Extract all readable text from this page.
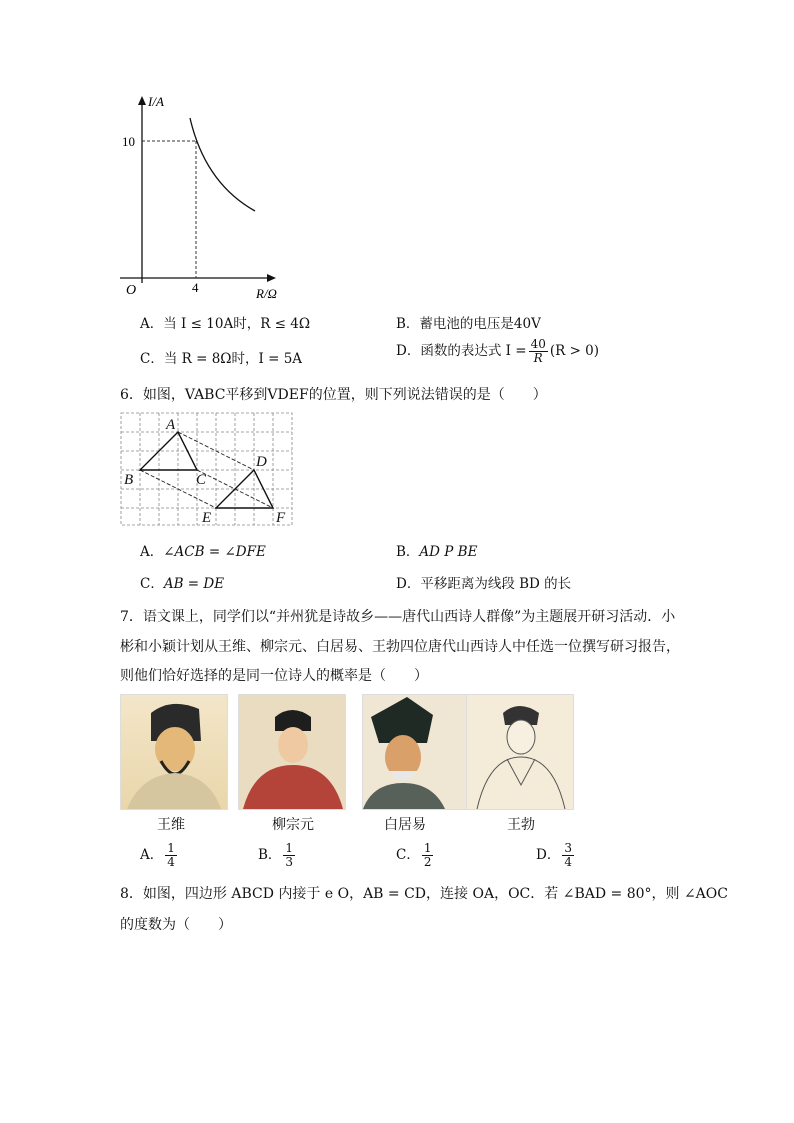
I/A
R/Ω
O
10
4
A．当 I ≤ 10A时，R ≤ 4Ω	B．蓄电池的电压是40V
C．当 R = 8Ω时，I = 5A	D．函数的表达式 $I = \frac{40}{R} (R > 0)$
6．如图，VABC平移到VDEF的位置，则下列说法错误的是（　　）
A
B	C
D
E	F
A．∠ACB = ∠DFE	B．AD P BE
C．AB = DE	D．平移距离为线段 BD 的长
7．语文课上，同学们以“并州犹是诗故乡——唐代山西诗人群像”为主题展开研习活动．小
彬和小颖计划从王维、柳宗元、白居易、王勃四位唐代山西诗人中任选一位撰写研习报告，
则他们恰好选择的是同一位诗人的概率是（　　）
王维	柳宗元	白居易	王勃
A． $\frac{1}{4}$	B． $\frac{1}{3}$	C． $\frac{1}{2}$	D． $\frac{3}{4}$
8．如图，四边形 ABCD 内接于 e O，AB = CD，连接 OA，OC．若 ∠BAD = 80°，则 ∠AOC
的度数为（　　）
